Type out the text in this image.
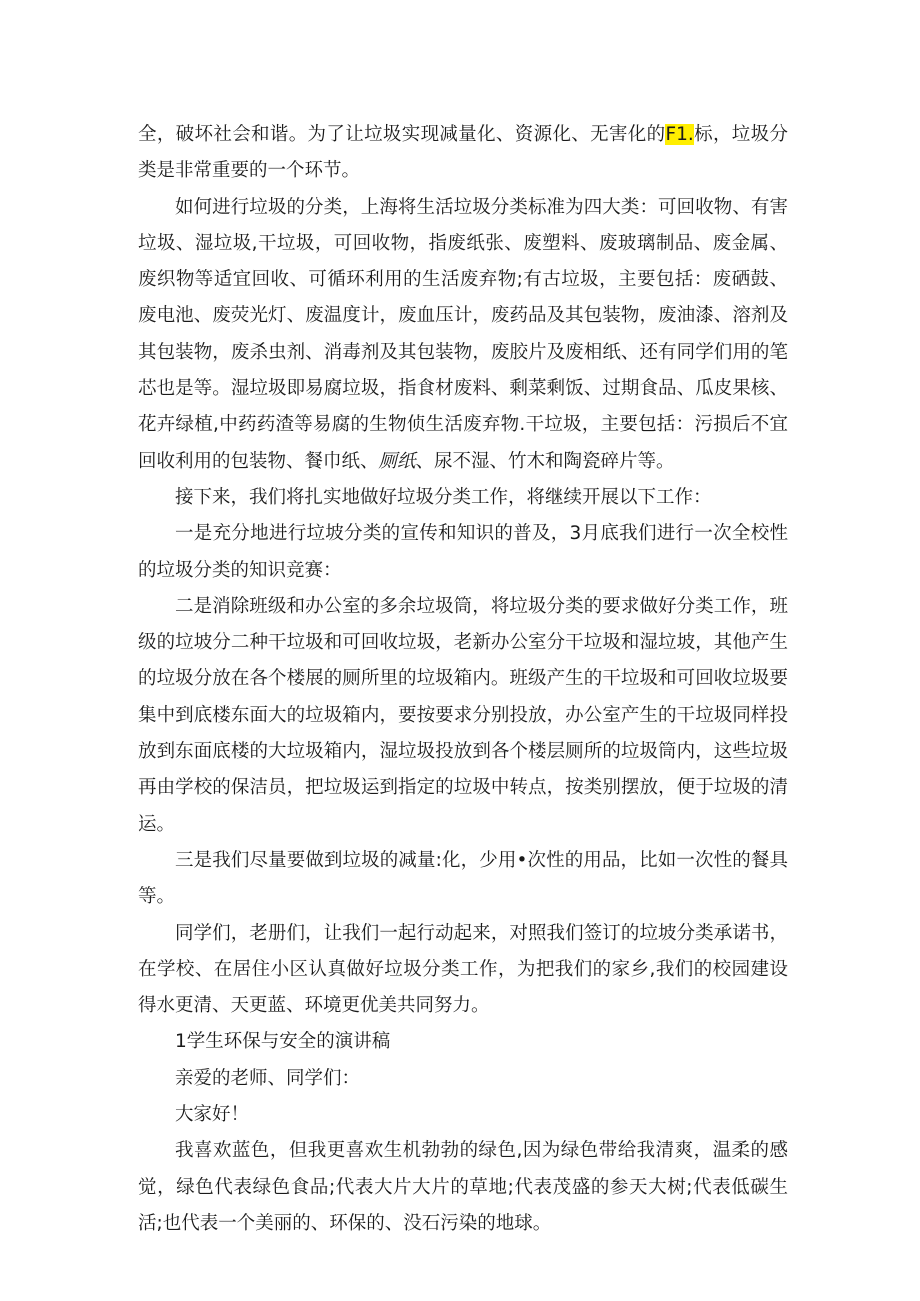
全，破坏社会和谐。为了让垃圾实现减量化、资源化、无害化的F1.标，垃圾分类是非常重要的一个环节。

如何进行垃圾的分类，上海将生活垃圾分类标准为四大类：可回收物、有害垃圾、湿垃圾,干垃圾，可回收物，指废纸张、废塑料、废玻璃制品、废金属、废织物等适宜回收、可循环利用的生活废弃物;有古垃圾，主要包括：废硒鼓、废电池、废荧光灯、废温度计，废血压计，废药品及其包装物，废油漆、溶剂及其包装物，废杀虫剂、消毒剂及其包装物，废胶片及废相纸、还有同学们用的笔芯也是等。湿垃圾即易腐垃圾，指食材废料、剩菜剩饭、过期食品、瓜皮果核、花卉绿植,中药药渣等易腐的生物侦生活废弃物.干垃圾，主要包括：污损后不宜回收利用的包装物、餐巾纸、厕纸、尿不湿、竹木和陶瓷碎片等。

接下来，我们将扎实地做好垃圾分类工作，将继续开展以下工作：

一是充分地进行垃坡分类的宣传和知识的普及，3月底我们进行一次全校性的垃圾分类的知识竞赛：

二是消除班级和办公室的多余垃圾筒，将垃圾分类的要求做好分类工作，班级的垃坡分二种干垃圾和可回收垃圾，老新办公室分干垃圾和湿垃坡，其他产生的垃圾分放在各个楼展的厕所里的垃圾箱内。班级产生的干垃圾和可回收垃圾要集中到底楼东面大的垃圾箱内，要按要求分别投放，办公室产生的干垃圾同样投放到东面底楼的大垃圾箱内，湿垃圾投放到各个楼层厕所的垃圾筒内，这些垃圾再由学校的保洁员，把垃圾运到指定的垃圾中转点，按类别摆放，便于垃圾的清运。

三是我们尽量要做到垃圾的减量:化，少用•次性的用品，比如一次性的餐具等。

同学们，老册们，让我们一起行动起来，对照我们签订的垃坡分类承诺书，在学校、在居住小区认真做好垃圾分类工作，为把我们的家乡,我们的校园建设得水更清、天更蓝、环境更优美共同努力。

1学生环保与安全的演讲稿

亲爱的老师、同学们：

大家好！

我喜欢蓝色，但我更喜欢生机勃勃的绿色,因为绿色带给我清爽，温柔的感觉，绿色代表绿色食品;代表大片大片的草地;代表茂盛的参天大树;代表低碳生活;也代表一个美丽的、环保的、没石污染的地球。
